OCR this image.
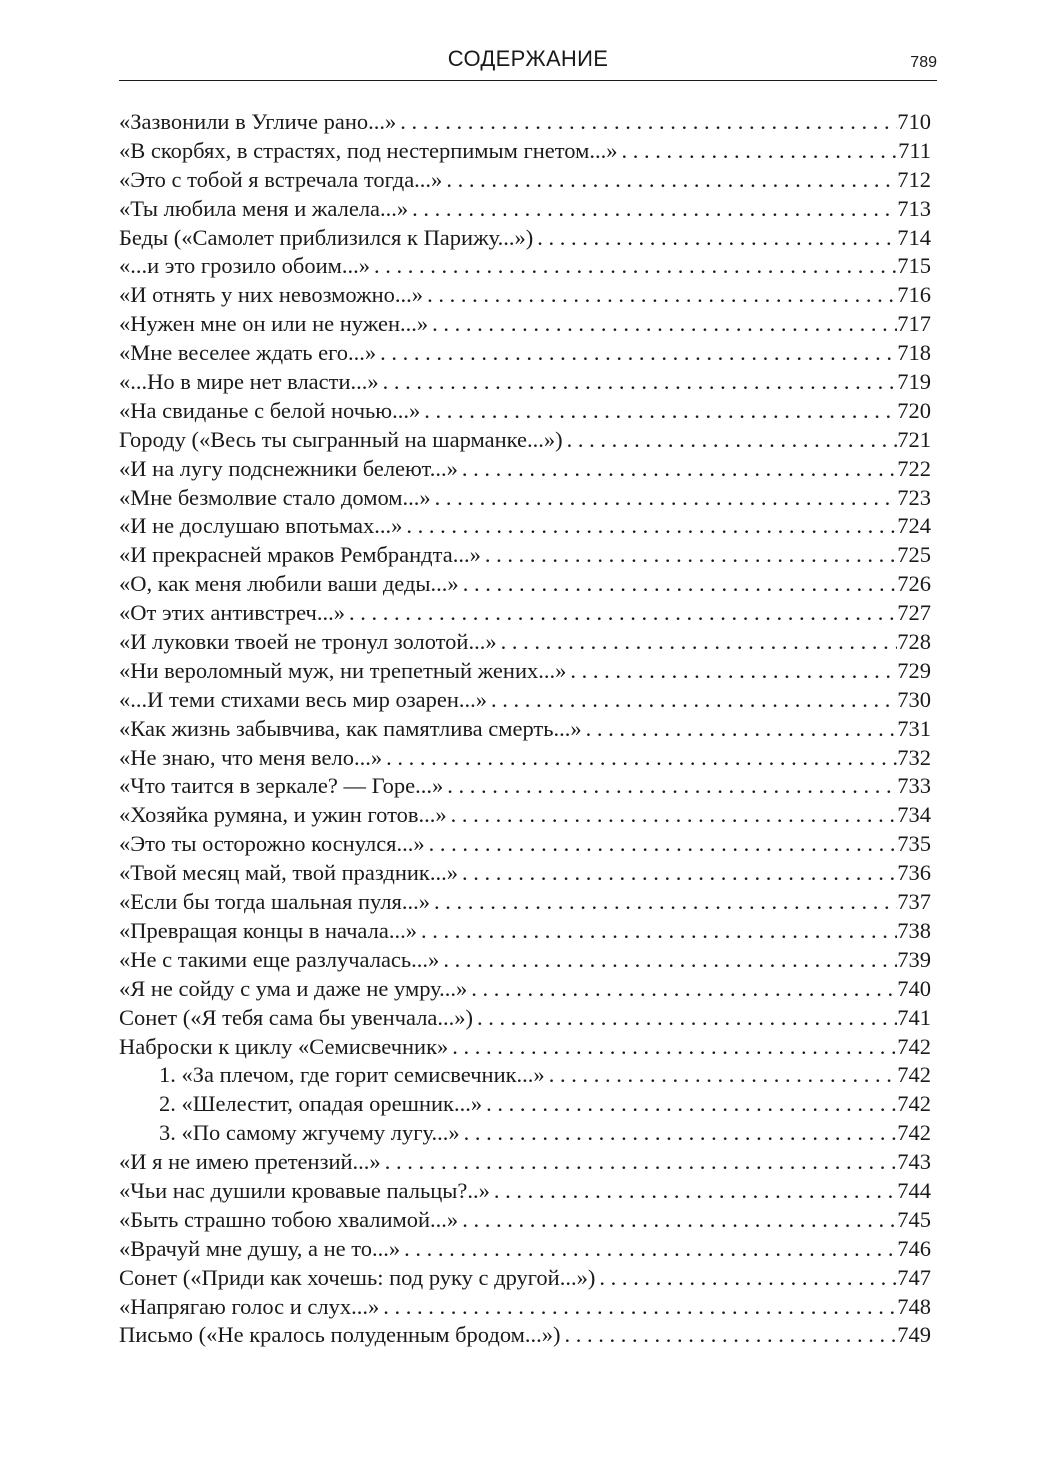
СОДЕРЖАНИЕ	789
«Зазвонили в Угличе рано...» . . .	710
«В скорбях, в страстях, под нестерпимым гнетом...» . . .	711
«Это с тобой я встречала тогда...» . . .	712
«Ты любила меня и жалела...» . . .	713
Беды («Самолет приблизился к Парижу...») . . .	714
«...и это грозило обоим...» . . .	715
«И отнять у них невозможно...» . . .	716
«Нужен мне он или не нужен...» . . .	717
«Мне веселее ждать его...» . . .	718
«...Но в мире нет власти...» . . .	719
«На свиданье с белой ночью...» . . .	720
Городу («Весь ты сыгранный на шарманке...») . . .	721
«И на лугу подснежники белеют...» . . .	722
«Мне безмолвие стало домом...» . . .	723
«И не дослушаю впотьмах...» . . .	724
«И прекрасней мраков Рембрандта...» . . .	725
«О, как меня любили ваши деды...» . . .	726
«От этих антивстреч...» . . .	727
«И луковки твоей не тронул золотой...» . . .	728
«Ни вероломный муж, ни трепетный жених...» . . .	729
«...И теми стихами весь мир озарен...» . . .	730
«Как жизнь забывчива, как памятлива смерть...» . . .	731
«Не знаю, что меня вело...» . . .	732
«Что таится в зеркале? — Горе...» . . .	733
«Хозяйка румяна, и ужин готов...» . . .	734
«Это ты осторожно коснулся...» . . .	735
«Твой месяц май, твой праздник...» . . .	736
«Если бы тогда шальная пуля...» . . .	737
«Превращая концы в начала...» . . .	738
«Не с такими еще разлучалась...» . . .	739
«Я не сойду с ума и даже не умру...» . . .	740
Сонет («Я тебя сама бы увенчала...») . . .	741
Наброски к циклу «Семисвечник» . . .	742
1. «За плечом, где горит семисвечник...» . . .	742
2. «Шелестит, опадая орешник...» . . .	742
3. «По самому жгучему лугу...» . . .	742
«И я не имею претензий...» . . .	743
«Чьи нас душили кровавые пальцы?..» . . .	744
«Быть страшно тобою хвалимой...» . . .	745
«Врачуй мне душу, а не то...» . . .	746
Сонет («Приди как хочешь: под руку с другой...») . . .	747
«Напрягаю голос и слух...» . . .	748
Письмо («Не кралось полуденным бродом...») . . .	749
